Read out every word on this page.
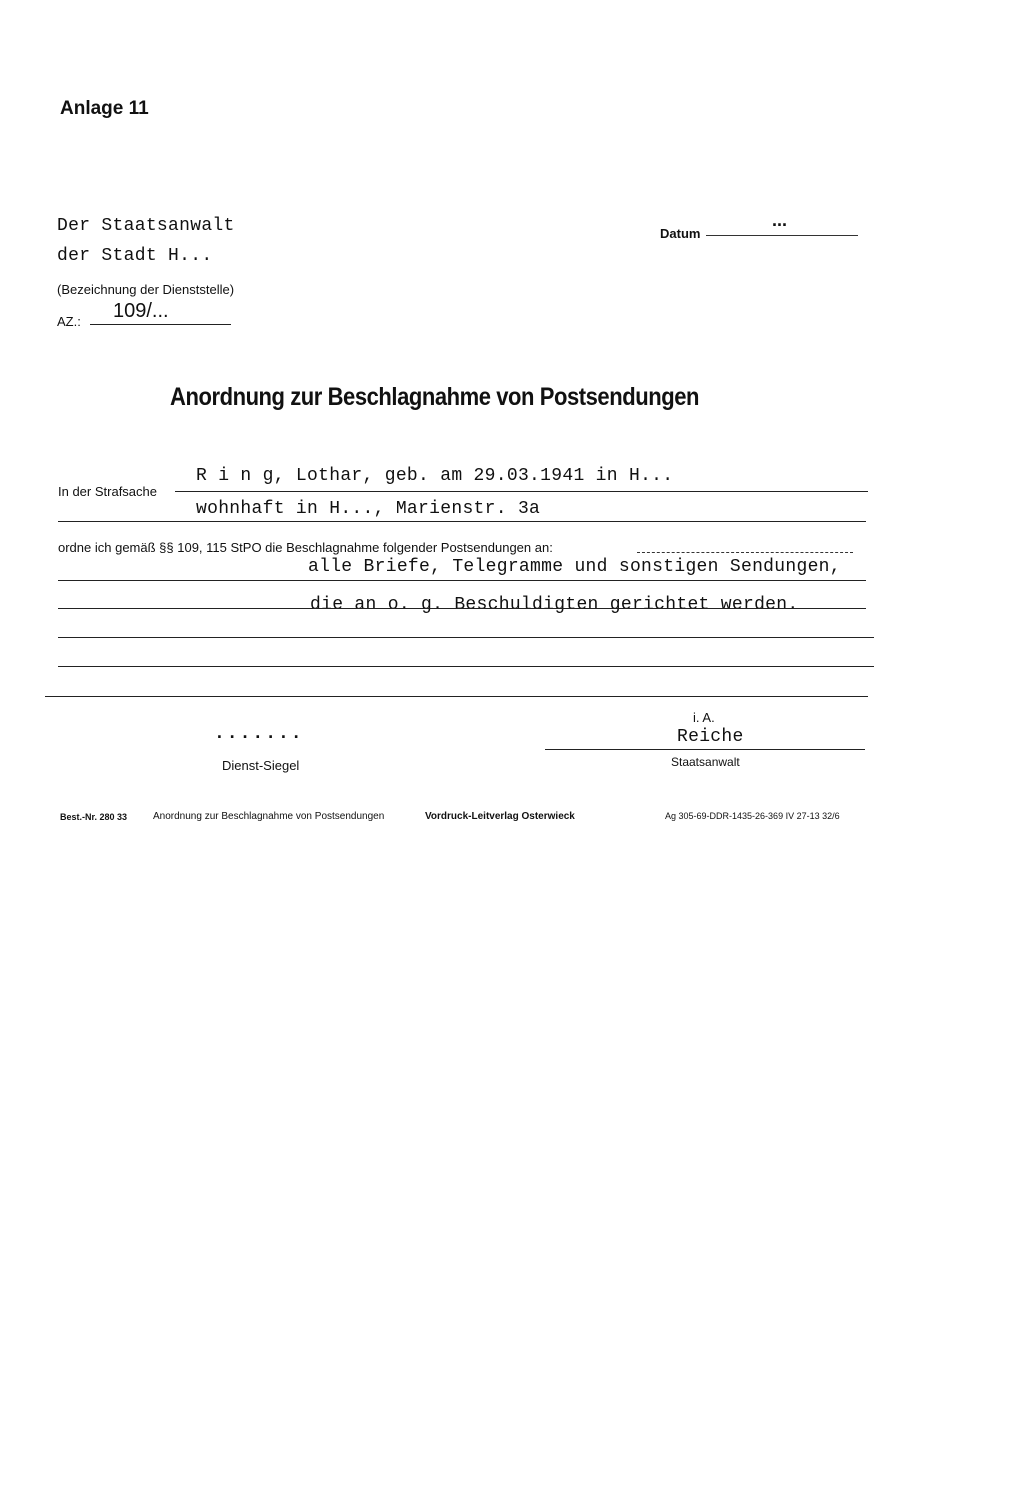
Anlage 11
Der Staatsanwalt
der Stadt H...
(Bezeichnung der Dienststelle)
AZ.: 109/...
Datum
...
Anordnung zur Beschlagnahme von Postsendungen
In der Strafsache
R i n g, Lothar, geb. am 29.03.1941 in H...
wohnhaft in H..., Marienstr. 3a
ordne ich gemäß §§ 109, 115 StPO die Beschlagnahme folgender Postsendungen an:
alle Briefe, Telegramme und sonstigen Sendungen,
die an o. g. Beschuldigten gerichtet werden.
.......
Dienst-Siegel
i. A.
Reiche
Staatsanwalt
Best.-Nr. 280 33	Anordnung zur Beschlagnahme von Postsendungen	Vordruck-Leitverlag Osterwieck	Ag 305-69-DDR-1435-26-369 IV 27-13 32/6
